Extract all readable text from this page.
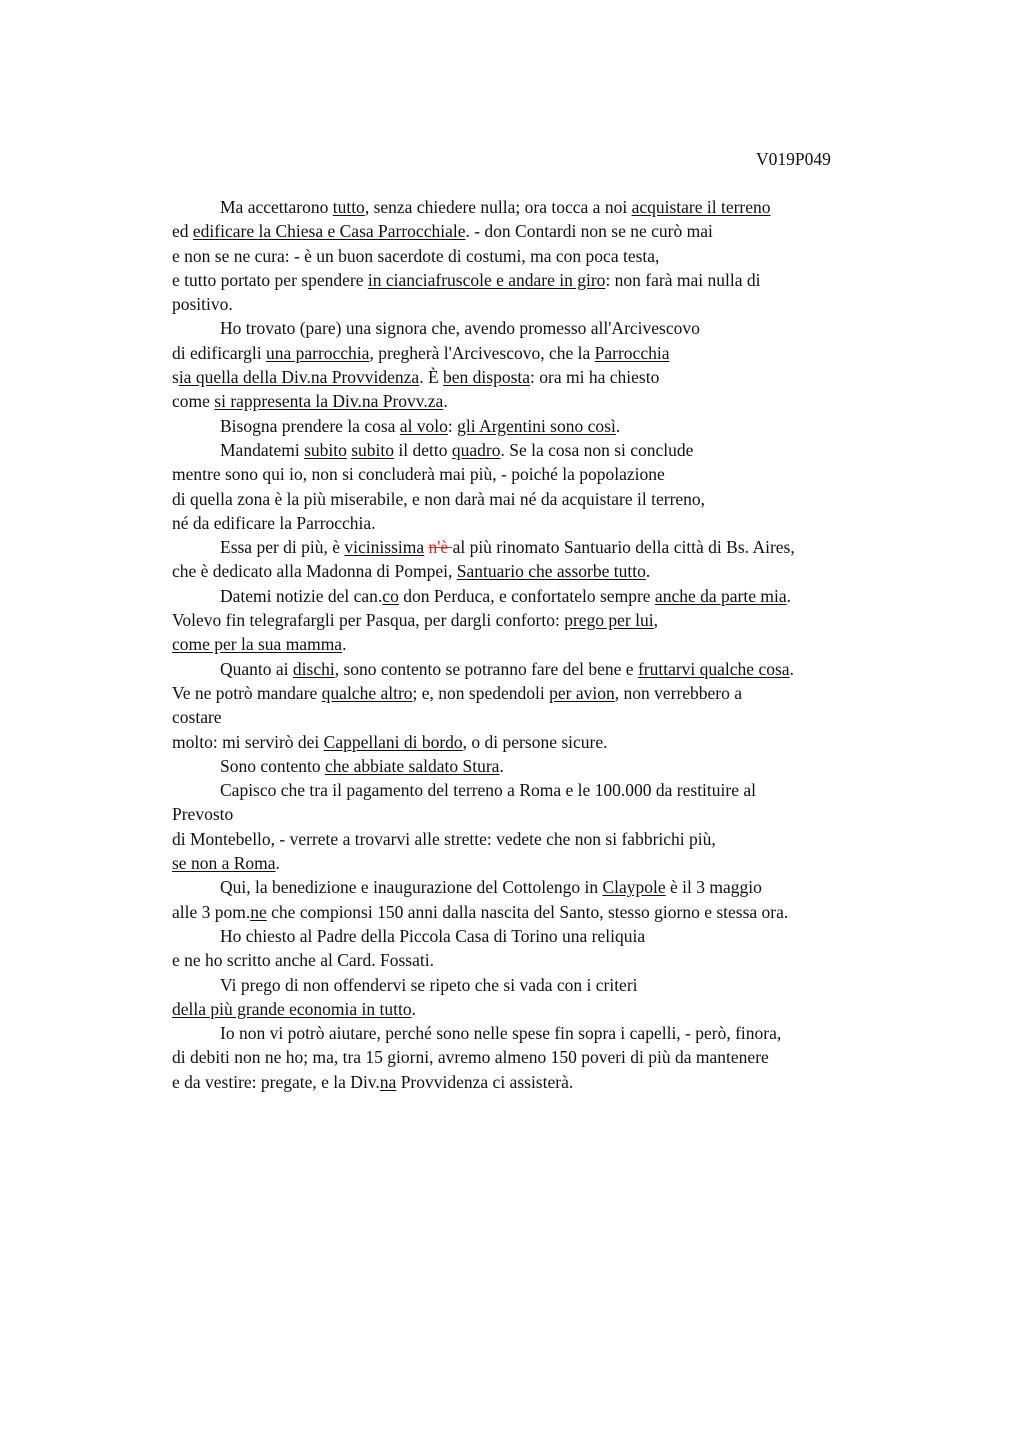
V019P049
Ma accettarono tutto, senza chiedere nulla; ora tocca a noi acquistare il terreno
ed edificare la Chiesa e Casa Parrocchiale. - don Contardi non se ne curò mai
e non se ne cura: - è un buon sacerdote di costumi, ma con poca testa,
e tutto portato per spendere in cianciafruscole e andare in giro: non farà mai nulla di
positivo.
Ho trovato (pare) una signora che, avendo promesso all'Arcivescovo
di edificargli una parrocchia, pregherà l'Arcivescovo, che la Parrocchia
sia quella della Div.na Provvidenza. È ben disposta: ora mi ha chiesto
come si rappresenta la Div.na Provv.za.
Bisogna prendere la cosa al volo: gli Argentini sono così.
Mandatemi subito subito il detto quadro. Se la cosa non si conclude
mentre sono qui io, non si concluderà mai più, - poiché la popolazione
di quella zona è la più miserabile, e non darà mai né da acquistare il terreno,
né da edificare la Parrocchia.
Essa per di più, è vicinissima n'è al più rinomato Santuario della città di Bs. Aires,
che è dedicato alla Madonna di Pompei, Santuario che assorbe tutto.
Datemi notizie del can.co don Perduca, e confortatelo sempre anche da parte mia.
Volevo fin telegrafargli per Pasqua, per dargli conforto: prego per lui,
come per la sua mamma.
Quanto ai dischi, sono contento se potranno fare del bene e fruttarvi qualche cosa.
Ve ne potrò mandare qualche altro; e, non spedendoli per avion, non verrebbero a
costare
molto: mi servirò dei Cappellani di bordo, o di persone sicure.
Sono contento che abbiate saldato Stura.
Capisco che tra il pagamento del terreno a Roma e le 100.000 da restituire al
Prevosto
di Montebello, - verrete a trovarvi alle strette: vedete che non si fabbrichi più,
se non a Roma.
Qui, la benedizione e inaugurazione del Cottolengo in Claypole è il 3 maggio
alle 3 pom.ne che compionsi 150 anni dalla nascita del Santo, stesso giorno e stessa ora.
Ho chiesto al Padre della Piccola Casa di Torino una reliquia
e ne ho scritto anche al Card. Fossati.
Vi prego di non offendervi se ripeto che si vada con i criteri
della più grande economia in tutto.
Io non vi potrò aiutare, perché sono nelle spese fin sopra i capelli, - però, finora,
di debiti non ne ho; ma, tra 15 giorni, avremo almeno 150 poveri di più da mantenere
e da vestire: pregate, e la Div.na Provvidenza ci assisterà.
